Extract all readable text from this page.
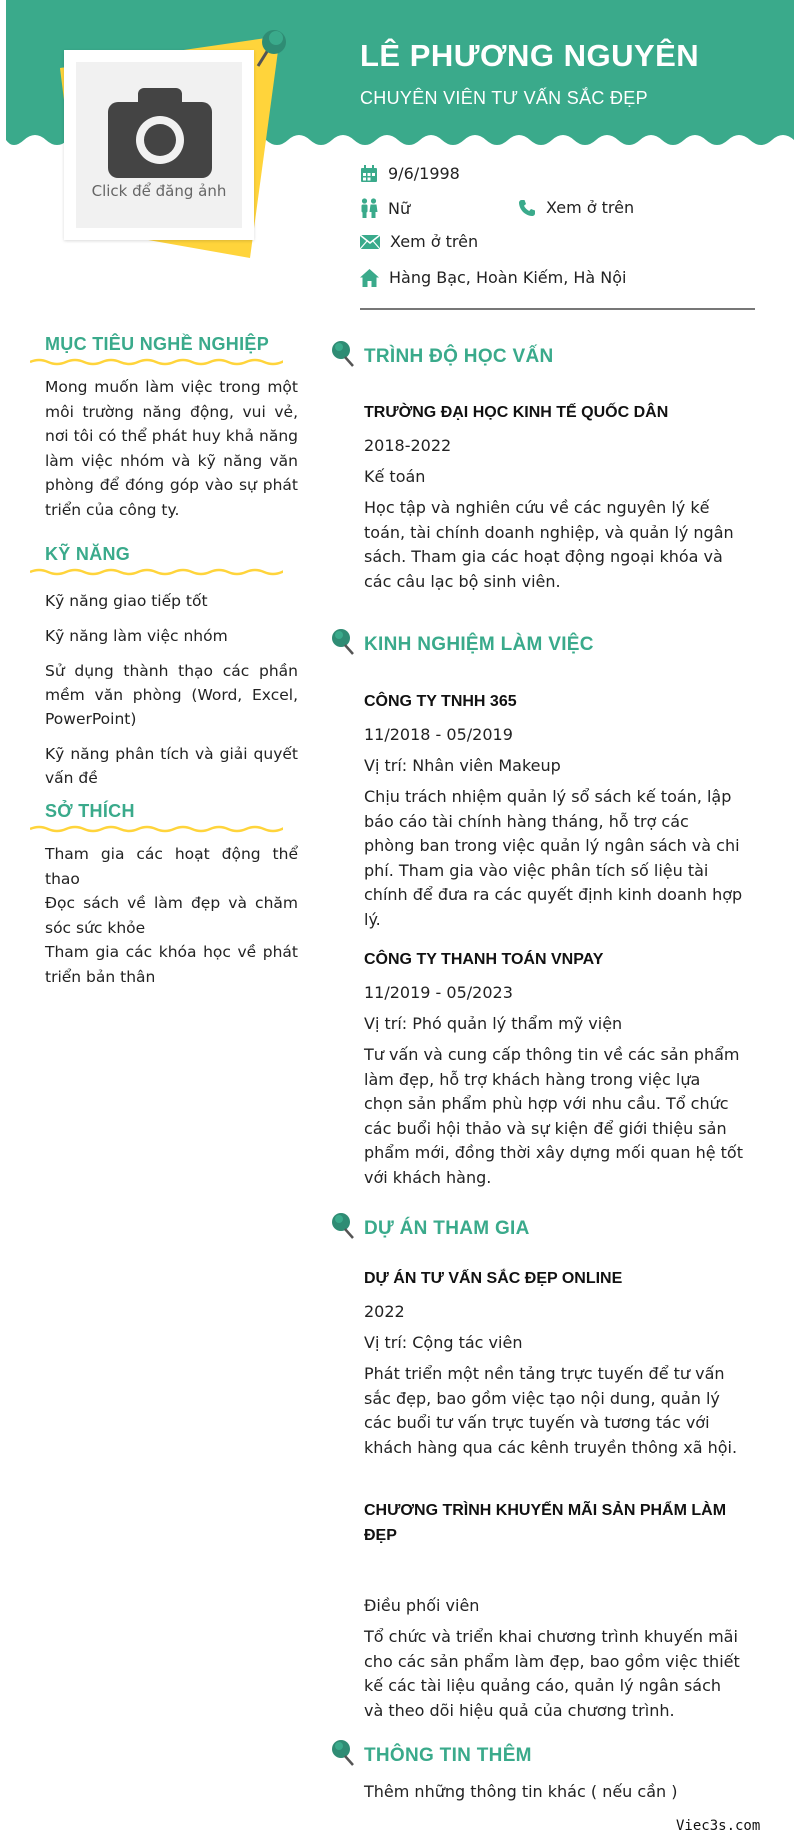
Click để đăng ảnh
LÊ PHƯƠNG NGUYÊN
CHUYÊN VIÊN TƯ VẤN SẮC ĐẸP
9/6/1998
Nữ	Xem ở trên
Xem ở trên
Hàng Bạc, Hoàn Kiếm, Hà Nội
MỤC TIÊU NGHỀ NGHIỆP
Mong muốn làm việc trong một môi trường năng động, vui vẻ, nơi tôi có thể phát huy khả năng làm việc nhóm và kỹ năng văn phòng để đóng góp vào sự phát triển của công ty.
KỸ NĂNG
Kỹ năng giao tiếp tốt
Kỹ năng làm việc nhóm
Sử dụng thành thạo các phần mềm văn phòng (Word, Excel, PowerPoint)
Kỹ năng phân tích và giải quyết vấn đề
SỞ THÍCH
Tham gia các hoạt động thể thao
Đọc sách về làm đẹp và chăm sóc sức khỏe
Tham gia các khóa học về phát triển bản thân
TRÌNH ĐỘ HỌC VẤN
TRƯỜNG ĐẠI HỌC KINH TẾ QUỐC DÂN
2018-2022
Kế toán
Học tập và nghiên cứu về các nguyên lý kế toán, tài chính doanh nghiệp, và quản lý ngân sách. Tham gia các hoạt động ngoại khóa và các câu lạc bộ sinh viên.
KINH NGHIỆM LÀM VIỆC
CÔNG TY TNHH 365
11/2018 - 05/2019
Vị trí: Nhân viên Makeup
Chịu trách nhiệm quản lý sổ sách kế toán, lập báo cáo tài chính hàng tháng, hỗ trợ các phòng ban trong việc quản lý ngân sách và chi phí. Tham gia vào việc phân tích số liệu tài chính để đưa ra các quyết định kinh doanh hợp lý.
CÔNG TY THANH TOÁN VNPAY
11/2019 - 05/2023
Vị trí: Phó quản lý thẩm mỹ viện
Tư vấn và cung cấp thông tin về các sản phẩm làm đẹp, hỗ trợ khách hàng trong việc lựa chọn sản phẩm phù hợp với nhu cầu. Tổ chức các buổi hội thảo và sự kiện để giới thiệu sản phẩm mới, đồng thời xây dựng mối quan hệ tốt với khách hàng.
DỰ ÁN THAM GIA
DỰ ÁN TƯ VẤN SẮC ĐẸP ONLINE
2022
Vị trí: Cộng tác viên
Phát triển một nền tảng trực tuyến để tư vấn sắc đẹp, bao gồm việc tạo nội dung, quản lý các buổi tư vấn trực tuyến và tương tác với khách hàng qua các kênh truyền thông xã hội.
CHƯƠNG TRÌNH KHUYẾN MÃI SẢN PHẨM LÀM ĐẸP
Điều phối viên
Tổ chức và triển khai chương trình khuyến mãi cho các sản phẩm làm đẹp, bao gồm việc thiết kế các tài liệu quảng cáo, quản lý ngân sách và theo dõi hiệu quả của chương trình.
THÔNG TIN THÊM
Thêm những thông tin khác ( nếu cần )
Viec3s.com
